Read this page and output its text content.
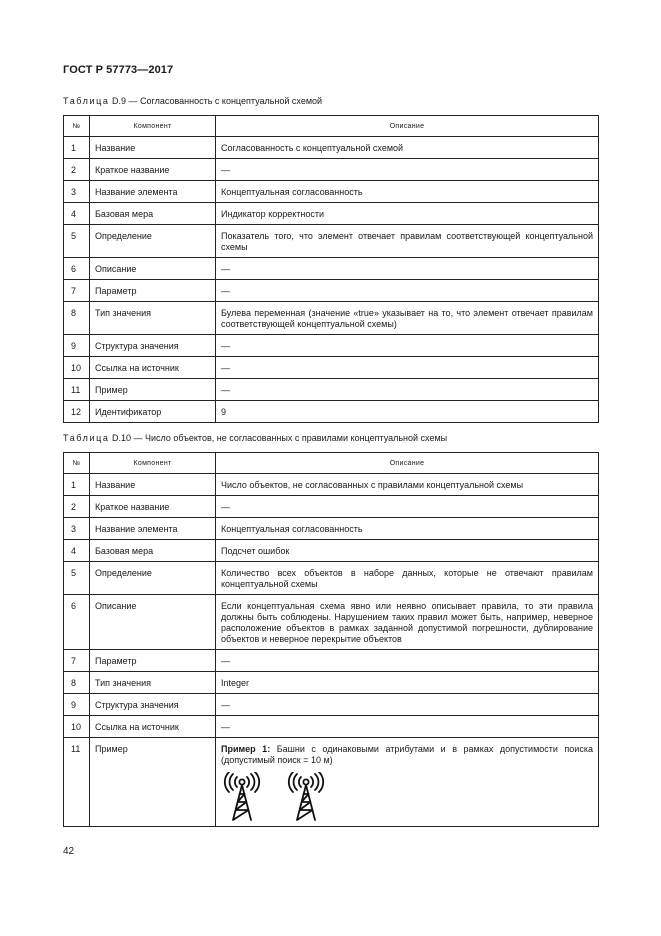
ГОСТ Р 57773—2017
Таблица D.9 — Согласованность с концептуальной схемой
№	Компонент	Описание
1	Название	Согласованность с концептуальной схемой
2	Краткое название	—
3	Название элемента	Концептуальная согласованность
4	Базовая мера	Индикатор корректности
5	Определение	Показатель того, что элемент отвечает правилам соответствующей концептуальной схемы
6	Описание	—
7	Параметр	—
8	Тип значения	Булева переменная (значение «true» указывает на то, что элемент отвечает правилам соответствующей концептуальной схемы)
9	Структура значения	—
10	Ссылка на источник	—
11	Пример	—
12	Идентификатор	9
Таблица D.10 — Число объектов, не согласованных с правилами концептуальной схемы
№	Компонент	Описание
1	Название	Число объектов, не согласованных с правилами концептуальной схемы
2	Краткое название	—
3	Название элемента	Концептуальная согласованность
4	Базовая мера	Подсчет ошибок
5	Определение	Количество всех объектов в наборе данных, которые не отвечают правилам концептуальной схемы
6	Описание	Если концептуальная схема явно или неявно описывает правила, то эти правила должны быть соблюдены. Нарушением таких правил может быть, например, неверное расположение объектов в рамках заданной допустимой погрешности, дублирование объектов и неверное перекрытие объектов
7	Параметр	—
8	Тип значения	Integer
9	Структура значения	—
10	Ссылка на источник	—
11	Пример	Пример 1: Башни с одинаковыми атрибутами и в рамках допустимости поиска (допустимый поиск = 10 м)
42
